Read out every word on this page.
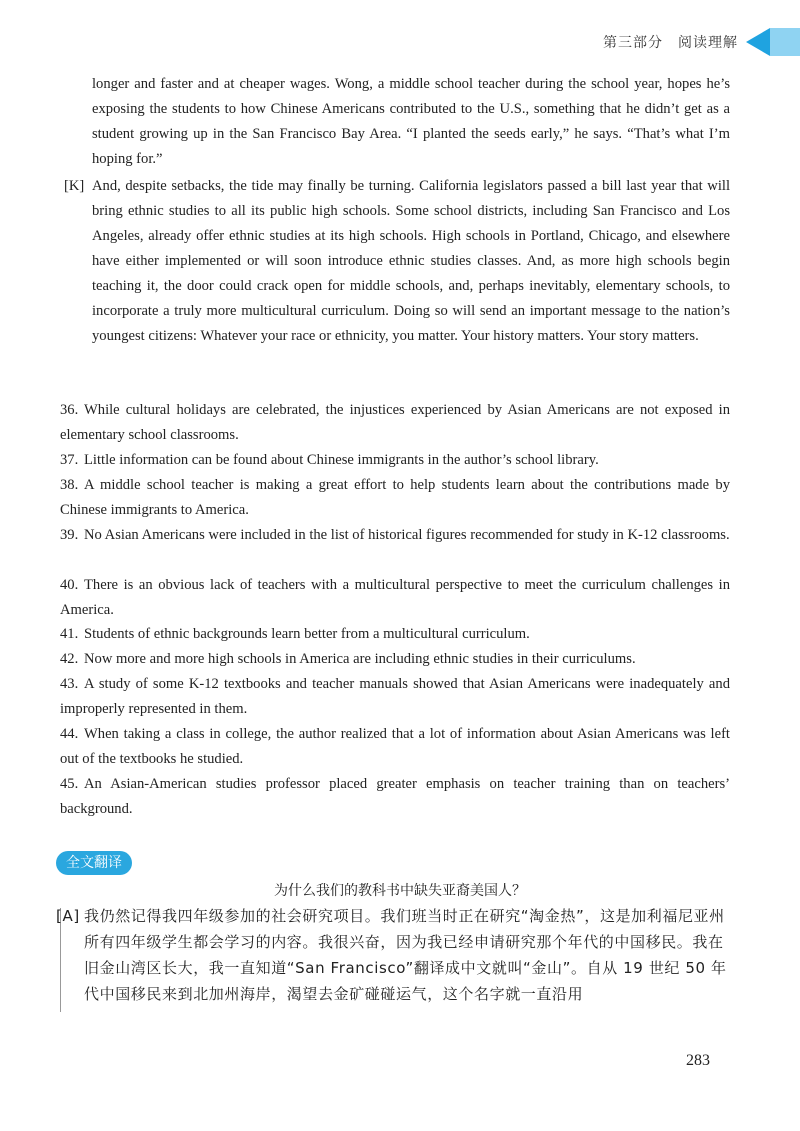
第三部分　阅读理解
longer and faster and at cheaper wages. Wong, a middle school teacher during the school year, hopes he’s exposing the students to how Chinese Americans contributed to the U.S., something that he didn’t get as a student growing up in the San Francisco Bay Area. “I planted the seeds early,” he says. “That’s what I’m hoping for.”
[K] And, despite setbacks, the tide may finally be turning. California legislators passed a bill last year that will bring ethnic studies to all its public high schools. Some school districts, including San Francisco and Los Angeles, already offer ethnic studies at its high schools. High schools in Portland, Chicago, and elsewhere have either implemented or will soon introduce ethnic studies classes. And, as more high schools begin teaching it, the door could crack open for middle schools, and, perhaps inevitably, elementary schools, to incorporate a truly more multicultural curriculum. Doing so will send an important message to the nation’s youngest citizens: Whatever your race or ethnicity, you matter. Your history matters. Your story matters.
36. While cultural holidays are celebrated, the injustices experienced by Asian Americans are not exposed in elementary school classrooms.
37. Little information can be found about Chinese immigrants in the author’s school library.
38. A middle school teacher is making a great effort to help students learn about the contributions made by Chinese immigrants to America.
39. No Asian Americans were included in the list of historical figures recommended for study in K-12 classrooms.
40. There is an obvious lack of teachers with a multicultural perspective to meet the curriculum challenges in America.
41. Students of ethnic backgrounds learn better from a multicultural curriculum.
42. Now more and more high schools in America are including ethnic studies in their curriculums.
43. A study of some K-12 textbooks and teacher manuals showed that Asian Americans were inadequately and improperly represented in them.
44. When taking a class in college, the author realized that a lot of information about Asian Americans was left out of the textbooks he studied.
45. An Asian-American studies professor placed greater emphasis on teacher training than on teachers’ background.
全文翻译
为什么我们的教科书中缺失亚裔美国人？
[A] 我仍然记得我四年级参加的社会研究项目。我们班当时正在研究“淘金热”，这是加利福尼亚州所有四年级学生都会学习的内容。我很兴奋，因为我已经申请研究那个年代的中国移民。我在旧金山湾区长大，我一直知道“San Francisco”翻译成中文就叫“金山”。自从 19 世纪 50 年代中国移民来到北加州海岸，渴望去金矿碰碰运气，这个名字就一直沿用
283
